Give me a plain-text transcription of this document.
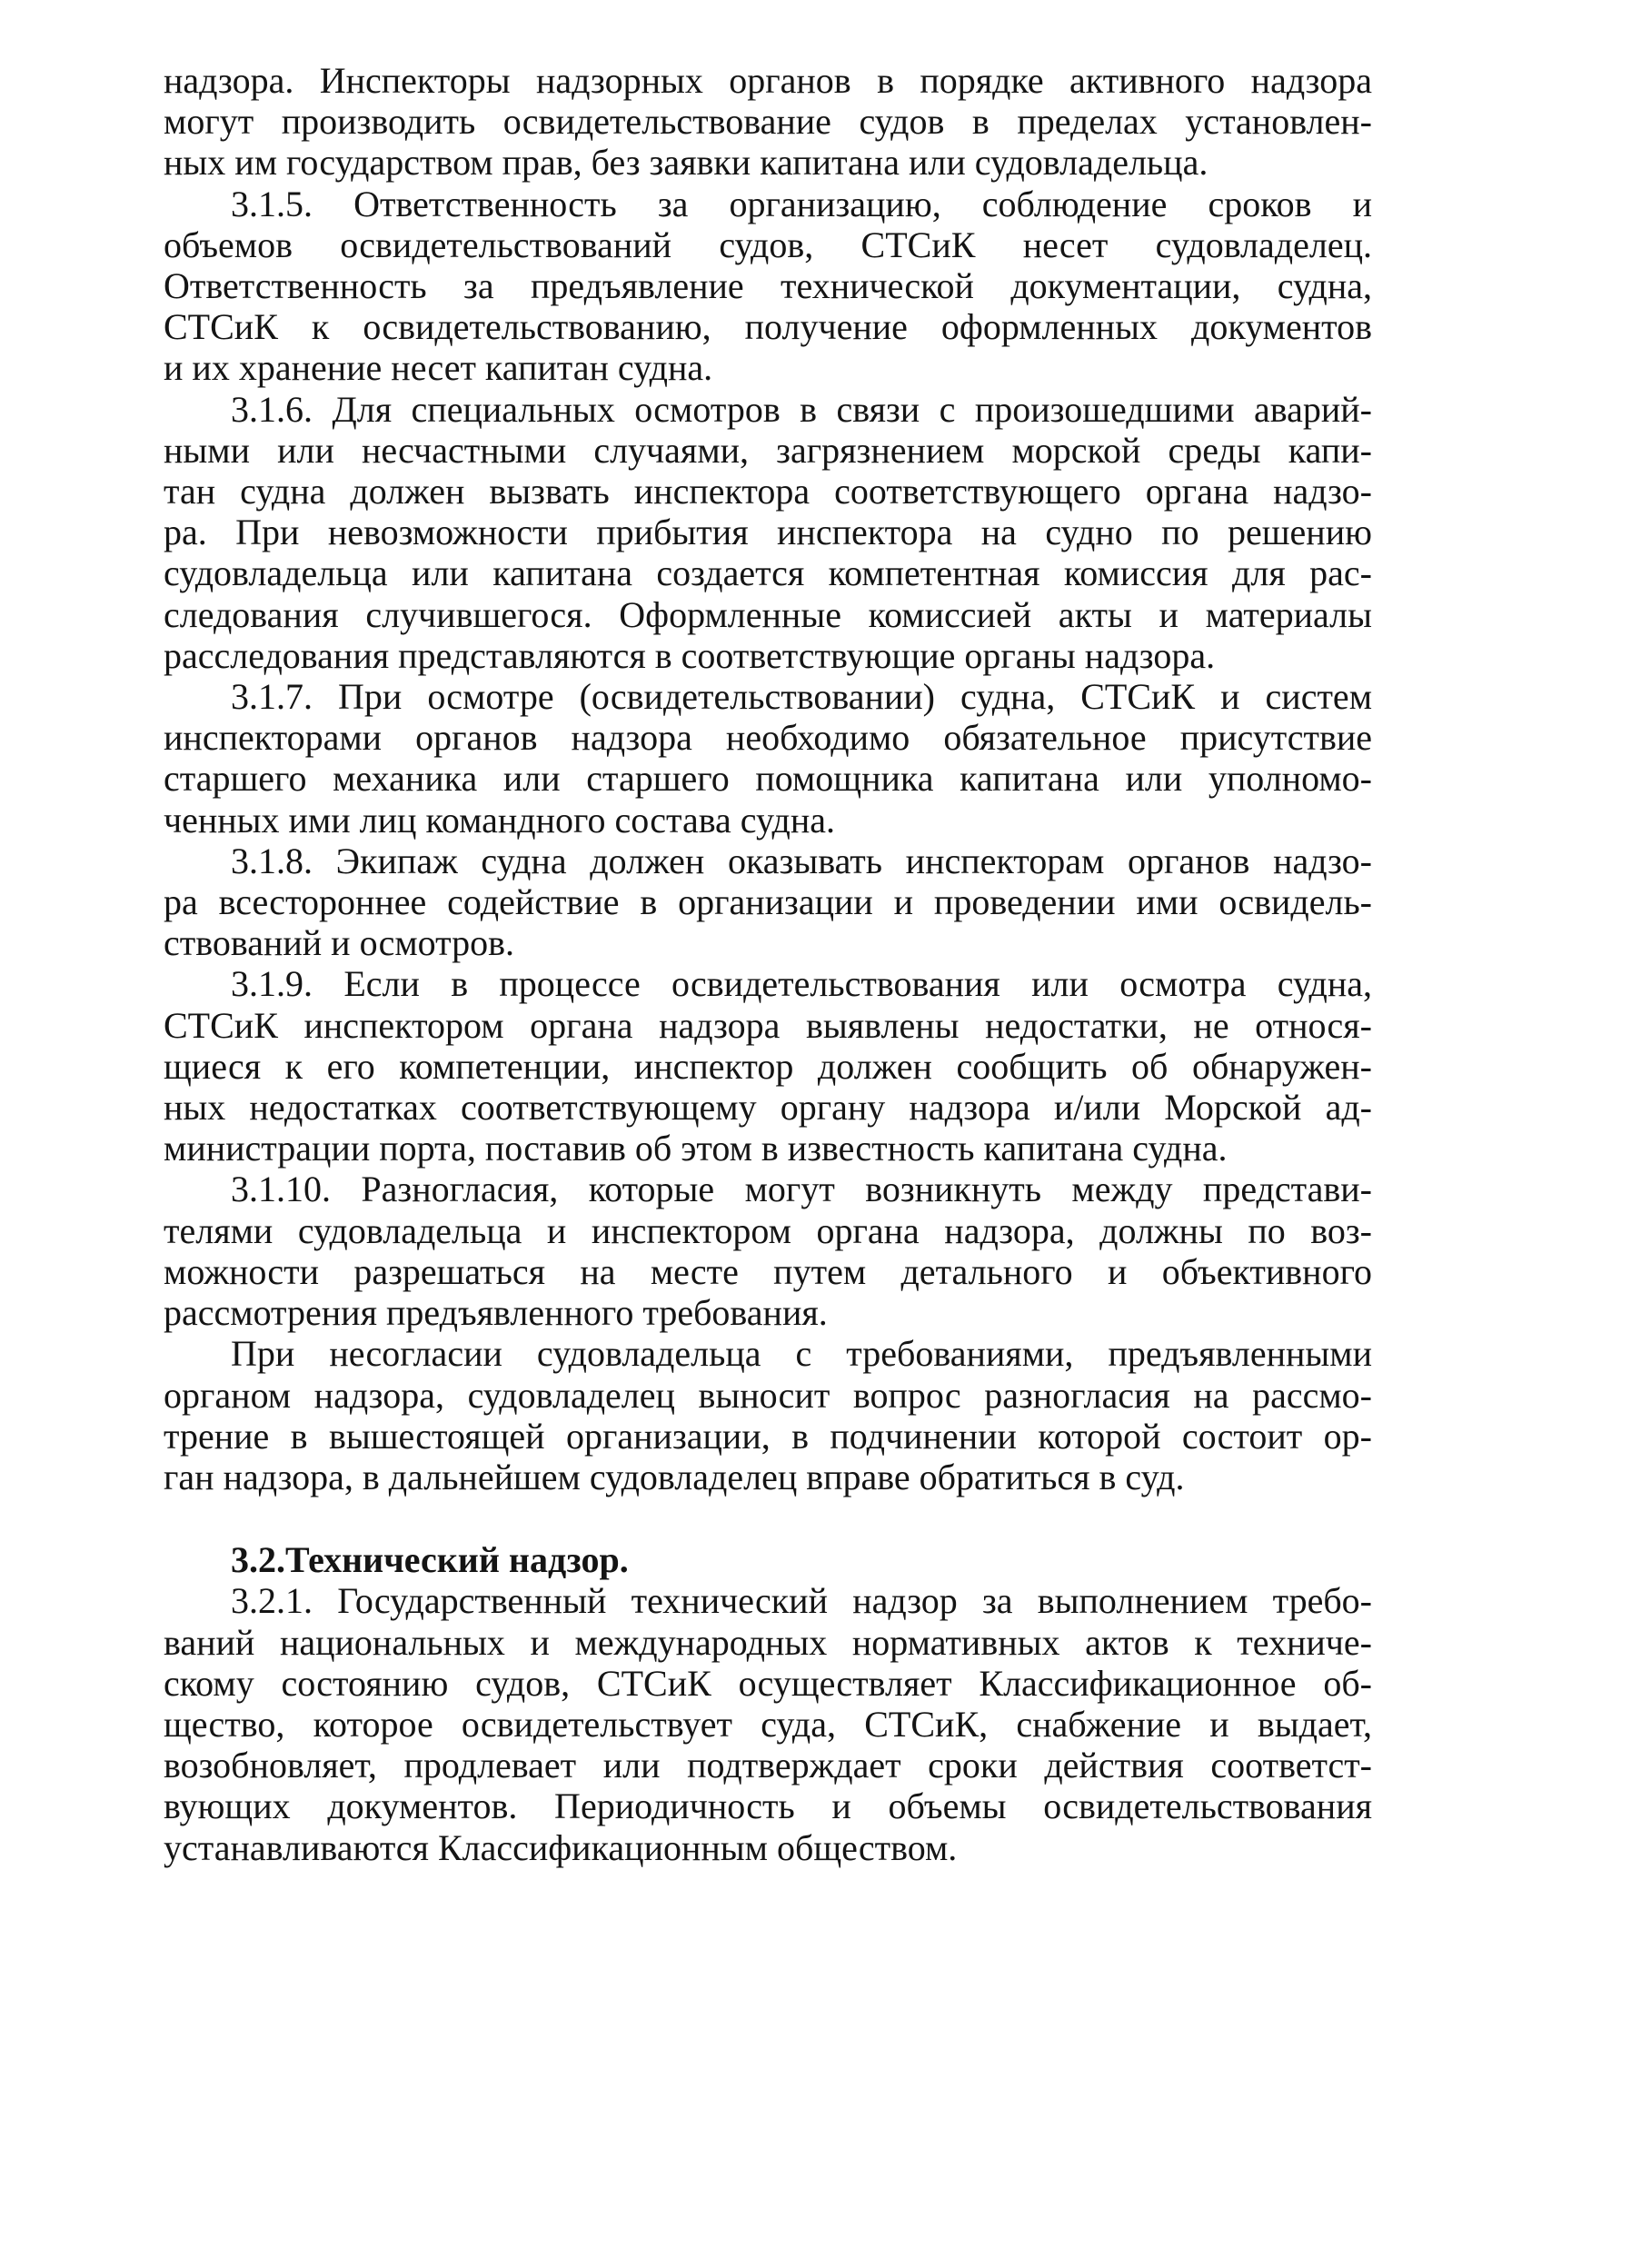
надзора. Инспекторы надзорных органов в порядке активного надзора
могут производить освидетельствование судов в пределах установлен-
ных им государством прав, без заявки капитана или судовладельца.

3.1.5. Ответственность за организацию, соблюдение сроков и
объемов освидетельствований судов, СТСиК несет судовладелец.
Ответственность за предъявление технической документации, судна,
СТСиК к освидетельствованию, получение оформленных документов
и их хранение несет капитан судна.

3.1.6. Для специальных осмотров в связи с произошедшими аварий-
ными или несчастными случаями, загрязнением морской среды капи-
тан судна должен вызвать инспектора соответствующего органа надзо-
ра. При невозможности прибытия инспектора на судно по решению
судовладельца или капитана создается компетентная комиссия для рас-
следования случившегося. Оформленные комиссией акты и материалы
расследования представляются в соответствующие органы надзора.

3.1.7. При осмотре (освидетельствовании) судна, СТСиК и систем
инспекторами органов надзора необходимо обязательное присутствие
старшего механика или старшего помощника капитана или уполномо-
ченных ими лиц командного состава судна.

3.1.8. Экипаж судна должен оказывать инспекторам органов надзо-
ра всестороннее содействие в организации и проведении ими освидель-
ствований и осмотров.

3.1.9. Если в процессе освидетельствования или осмотра судна,
СТСиК инспектором органа надзора выявлены недостатки, не относя-
щиеся к его компетенции, инспектор должен сообщить об обнаружен-
ных недостатках соответствующему органу надзора и/или Морской ад-
министрации порта, поставив об этом в известность капитана судна.

3.1.10. Разногласия, которые могут возникнуть между представи-
телями судовладельца и инспектором органа надзора, должны по воз-
можности разрешаться на месте путем детального и объективного
рассмотрения предъявленного требования.

При несогласии судовладельца с требованиями, предъявленными
органом надзора, судовладелец выносит вопрос разногласия на рассмо-
трение в вышестоящей организации, в подчинении которой состоит ор-
ган надзора, в дальнейшем судовладелец вправе обратиться в суд.

3.2.Технический надзор.

3.2.1. Государственный технический надзор за выполнением требо-
ваний национальных и международных нормативных актов к техниче-
скому состоянию судов, СТСиК осуществляет Классификационное об-
щество, которое освидетельствует суда, СТСиК, снабжение и выдает,
возобновляет, продлевает или подтверждает сроки действия соответст-
вующих документов. Периодичность и объемы освидетельствования
устанавливаются Классификационным обществом.
